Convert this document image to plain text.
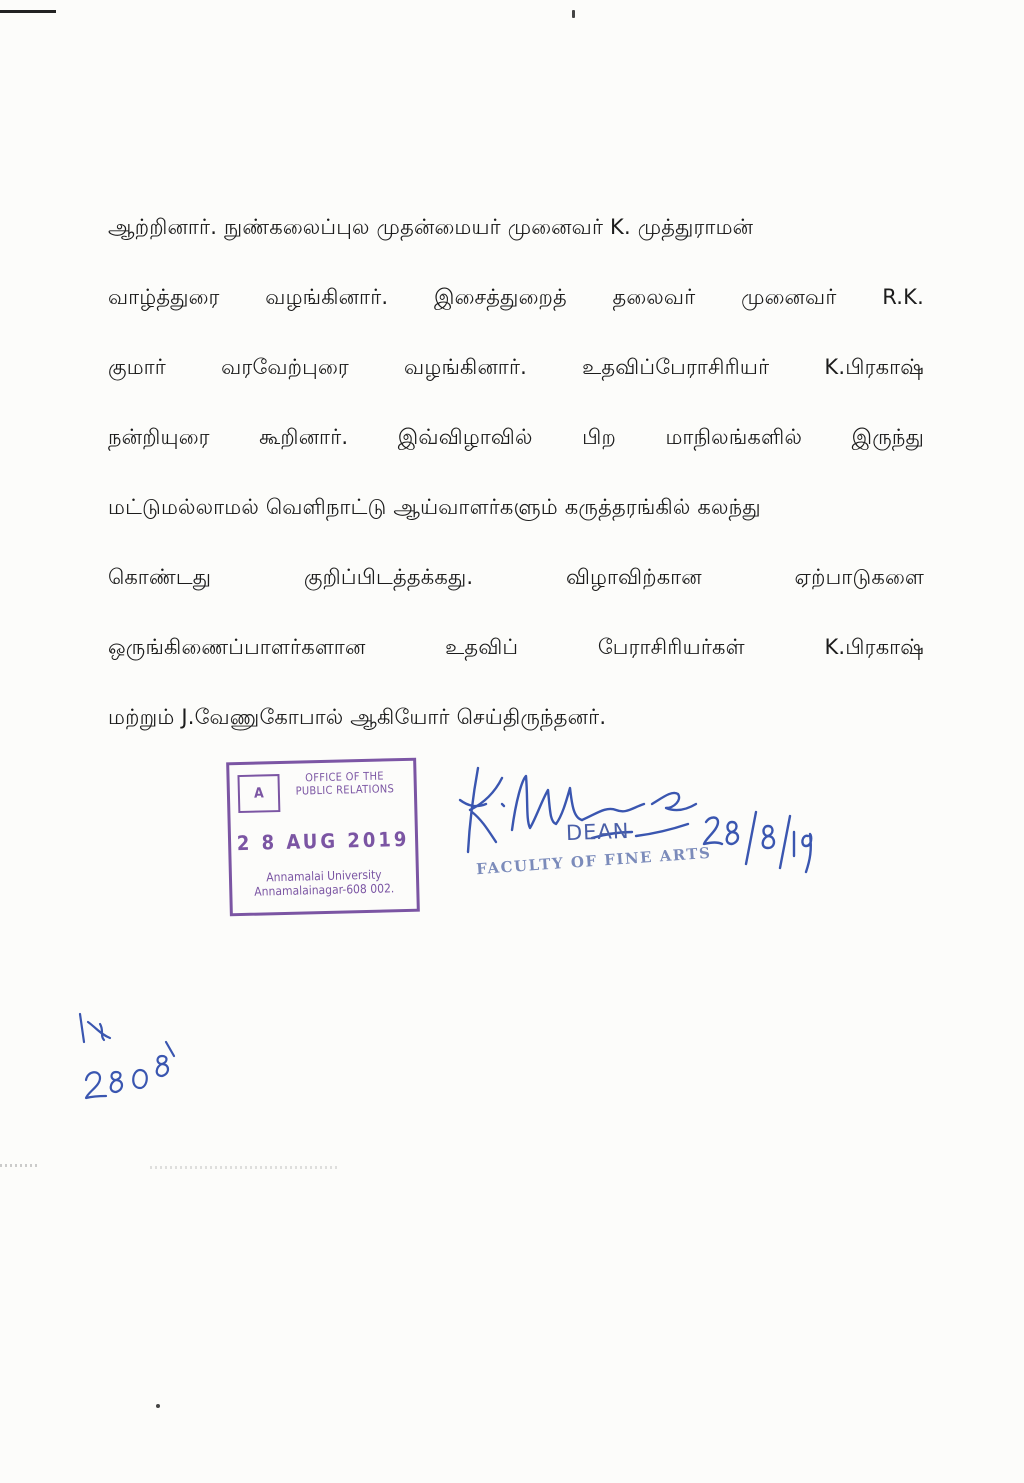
ஆற்றினார். நுண்கலைப்புல முதன்மையர் முனைவர் K. முத்துராமன்
வாழ்த்துரை வழங்கினார். இசைத்துறைத் தலைவர் முனைவர் R.K.
குமார் வரவேற்புரை வழங்கினார். உதவிப்பேராசிரியர் K.பிரகாஷ்
நன்றியுரை கூறினார். இவ்விழாவில் பிற மாநிலங்களில் இருந்து
மட்டுமல்லாமல் வெளிநாட்டு ஆய்வாளர்களும் கருத்தரங்கில் கலந்து
கொண்டது குறிப்பிடத்தக்கது. விழாவிற்கான ஏற்பாடுகளை
ஒருங்கிணைப்பாளர்களான உதவிப் பேராசிரியர்கள் K.பிரகாஷ்
மற்றும் J.வேணுகோபால் ஆகியோர் செய்திருந்தனர்.
A
OFFICE OF THE
PUBLIC RELATIONS
2 8 AUG 2019
Annamalai University
Annamalainagar-608 002.
DEAN
FACULTY OF FINE ARTS
